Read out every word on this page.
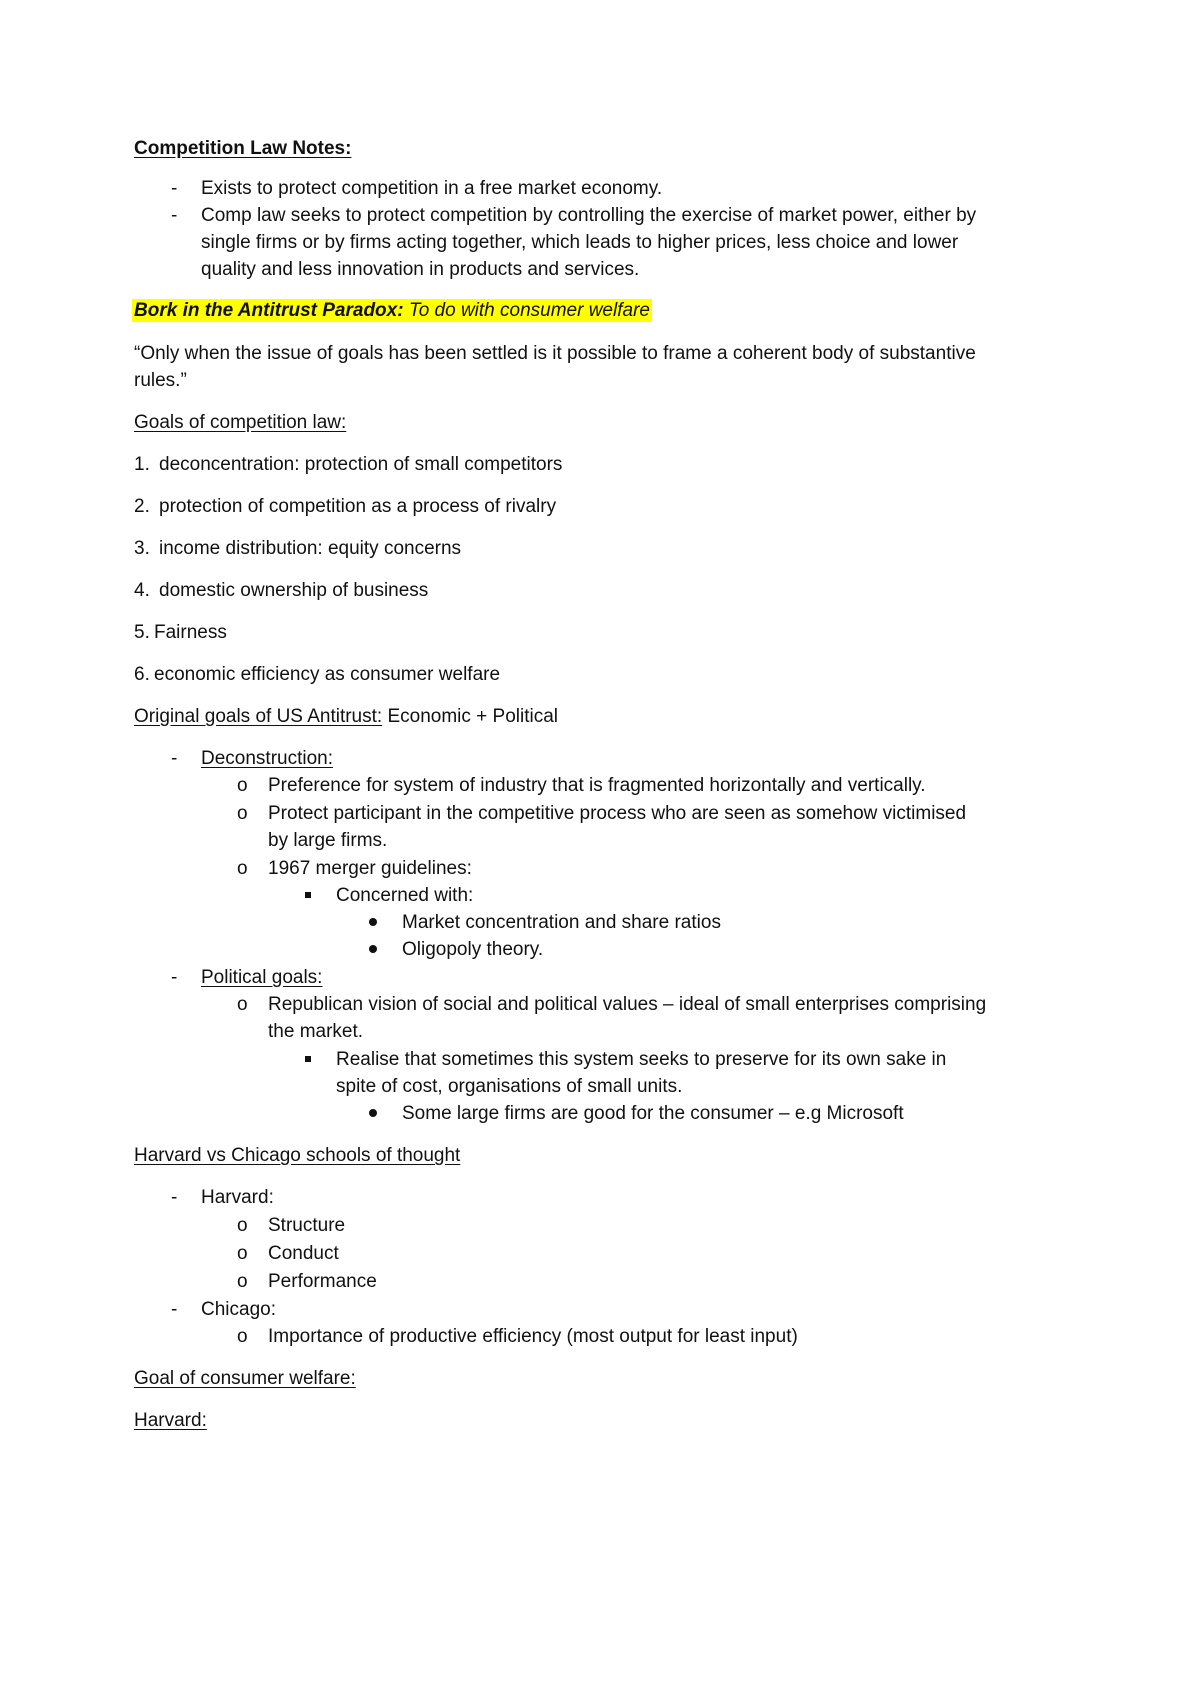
Competition Law Notes:
- Exists to protect competition in a free market economy.
- Comp law seeks to protect competition by controlling the exercise of market power, either by
single firms or by firms acting together, which leads to higher prices, less choice and lower
quality and less innovation in products and services.
Bork in the Antitrust Paradox: To do with consumer welfare
“Only when the issue of goals has been settled is it possible to frame a coherent body of substantive
rules.”
Goals of competition law:
1. deconcentration: protection of small competitors
2. protection of competition as a process of rivalry
3. income distribution: equity concerns
4. domestic ownership of business
5. Fairness
6. economic efficiency as consumer welfare
Original goals of US Antitrust: Economic + Political
- Deconstruction:
o Preference for system of industry that is fragmented horizontally and vertically.
o Protect participant in the competitive process who are seen as somehow victimised
by large firms.
o 1967 merger guidelines:
Concerned with:
Market concentration and share ratios
Oligopoly theory.
- Political goals:
o Republican vision of social and political values – ideal of small enterprises comprising
the market.
Realise that sometimes this system seeks to preserve for its own sake in
spite of cost, organisations of small units.
Some large firms are good for the consumer – e.g Microsoft
Harvard vs Chicago schools of thought
- Harvard:
o Structure
o Conduct
o Performance
- Chicago:
o Importance of productive efficiency (most output for least input)
Goal of consumer welfare:
Harvard:
